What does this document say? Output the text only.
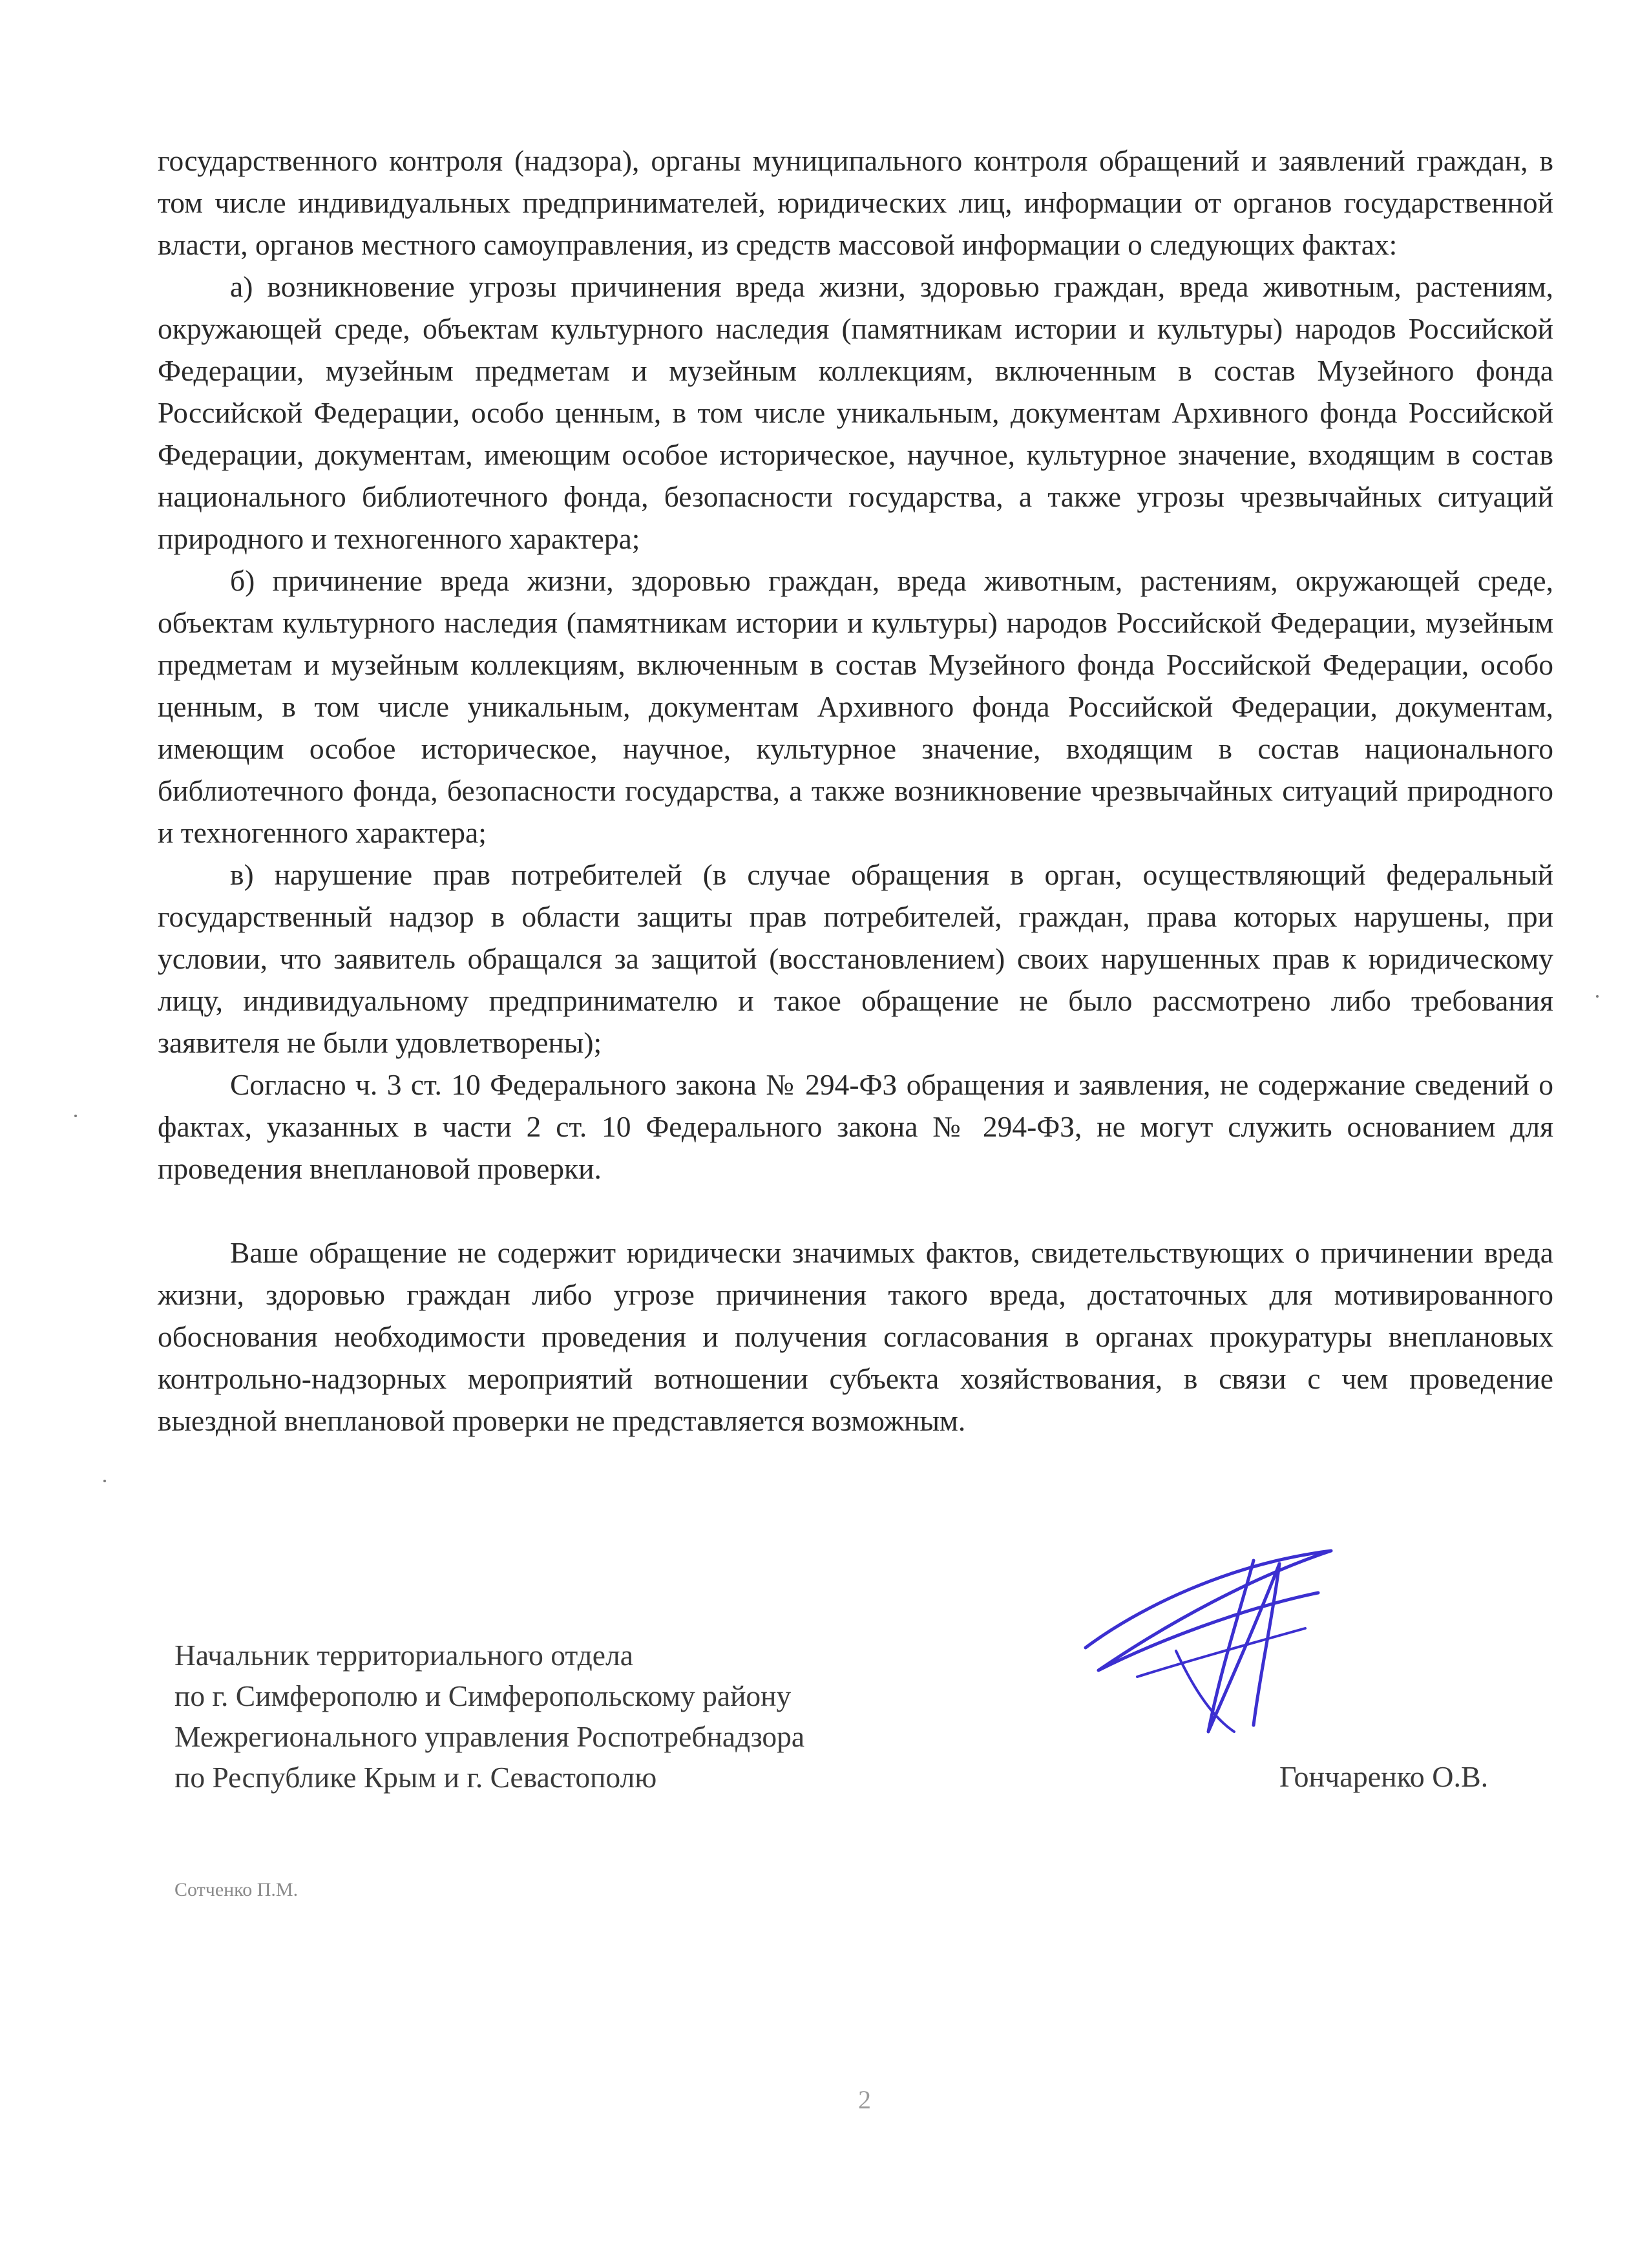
государственного контроля (надзора), органы муниципального контроля обращений и заявлений граждан, в том числе индивидуальных предпринимателей, юридических лиц, информации от органов государственной власти, органов местного самоуправления, из средств массовой информации о следующих фактах:

а) возникновение угрозы причинения вреда жизни, здоровью граждан, вреда животным, растениям, окружающей среде, объектам культурного наследия (памятникам истории и культуры) народов Российской Федерации, музейным предметам и музейным коллекциям, включенным в состав Музейного фонда Российской Федерации, особо ценным, в том числе уникальным, документам Архивного фонда Российской Федерации, документам, имеющим особое историческое, научное, культурное значение, входящим в состав национального библиотечного фонда, безопасности государства, а также угрозы чрезвычайных ситуаций природного и техногенного характера;

б) причинение вреда жизни, здоровью граждан, вреда животным, растениям, окружающей среде, объектам культурного наследия (памятникам истории и культуры) народов Российской Федерации, музейным предметам и музейным коллекциям, включенным в состав Музейного фонда Российской Федерации, особо ценным, в том числе уникальным, документам Архивного фонда Российской Федерации, документам, имеющим особое историческое, научное, культурное значение, входящим в состав национального библиотечного фонда, безопасности государства, а также возникновение чрезвычайных ситуаций природного и техногенного характера;

в) нарушение прав потребителей (в случае обращения в орган, осуществляющий федеральный государственный надзор в области защиты прав потребителей, граждан, права которых нарушены, при условии, что заявитель обращался за защитой (восстановлением) своих нарушенных прав к юридическому лицу, индивидуальному предпринимателю и такое обращение не было рассмотрено либо требования заявителя не были удовлетворены);

Согласно ч. 3 ст. 10 Федерального закона № 294-ФЗ обращения и заявления, не содержание сведений о фактах, указанных в части 2 ст. 10 Федерального закона № 294-ФЗ, не могут служить основанием для проведения внеплановой проверки.

Ваше обращение не содержит юридически значимых фактов, свидетельствующих о причинении вреда жизни, здоровью граждан либо угрозе причинения такого вреда, достаточных для мотивированного обоснования необходимости проведения и получения согласования в органах прокуратуры внеплановых контрольно-надзорных мероприятий вотношении субъекта хозяйствования, в связи с чем проведение выездной внеплановой проверки не представляется возможным.

Начальник территориального отдела
по г. Симферополю и Симферопольскому району
Межрегионального управления Роспотребнадзора
по Республике Крым и г. Севастополю	Гончаренко О.В.
Сотченко П.М.
2
